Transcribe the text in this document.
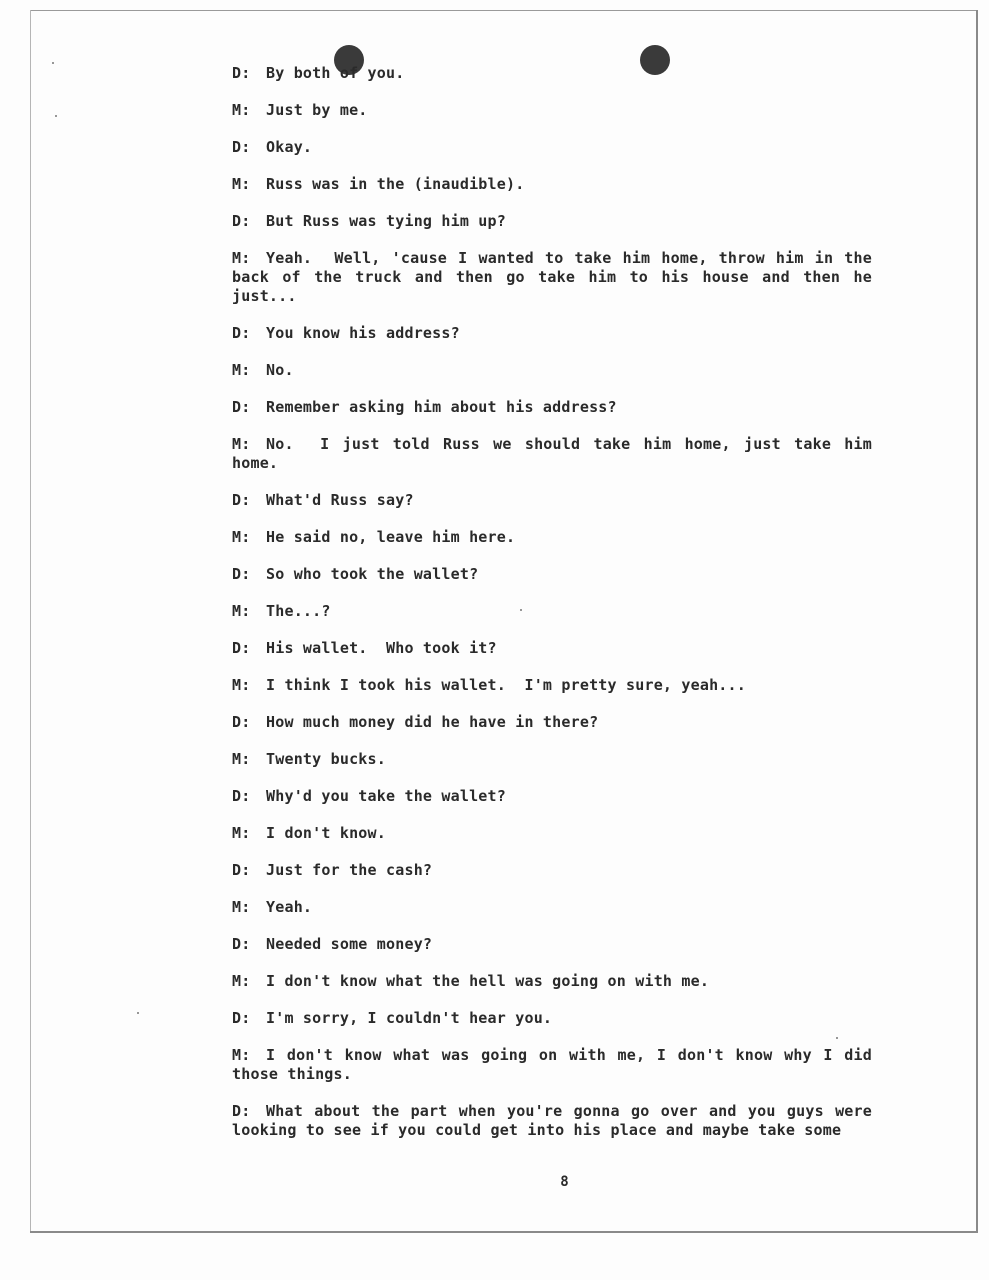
D: By both of you.
M: Just by me.
D: Okay.
M: Russ was in the (inaudible).
D: But Russ was tying him up?
M: Yeah.  Well, 'cause I wanted to take him home, throw him in the back of the truck and then go take him to his house and then he just...
D: You know his address?
M: No.
D: Remember asking him about his address?
M: No.  I just told Russ we should take him home, just take him home.
D: What'd Russ say?
M: He said no, leave him here.
D: So who took the wallet?
M: The...?
D: His wallet.  Who took it?
M: I think I took his wallet.  I'm pretty sure, yeah...
D: How much money did he have in there?
M: Twenty bucks.
D: Why'd you take the wallet?
M: I don't know.
D: Just for the cash?
M: Yeah.
D: Needed some money?
M: I don't know what the hell was going on with me.
D: I'm sorry, I couldn't hear you.
M: I don't know what was going on with me, I don't know why I did those things.
D: What about the part when you're gonna go over and you guys were looking to see if you could get into his place and maybe take some
8
